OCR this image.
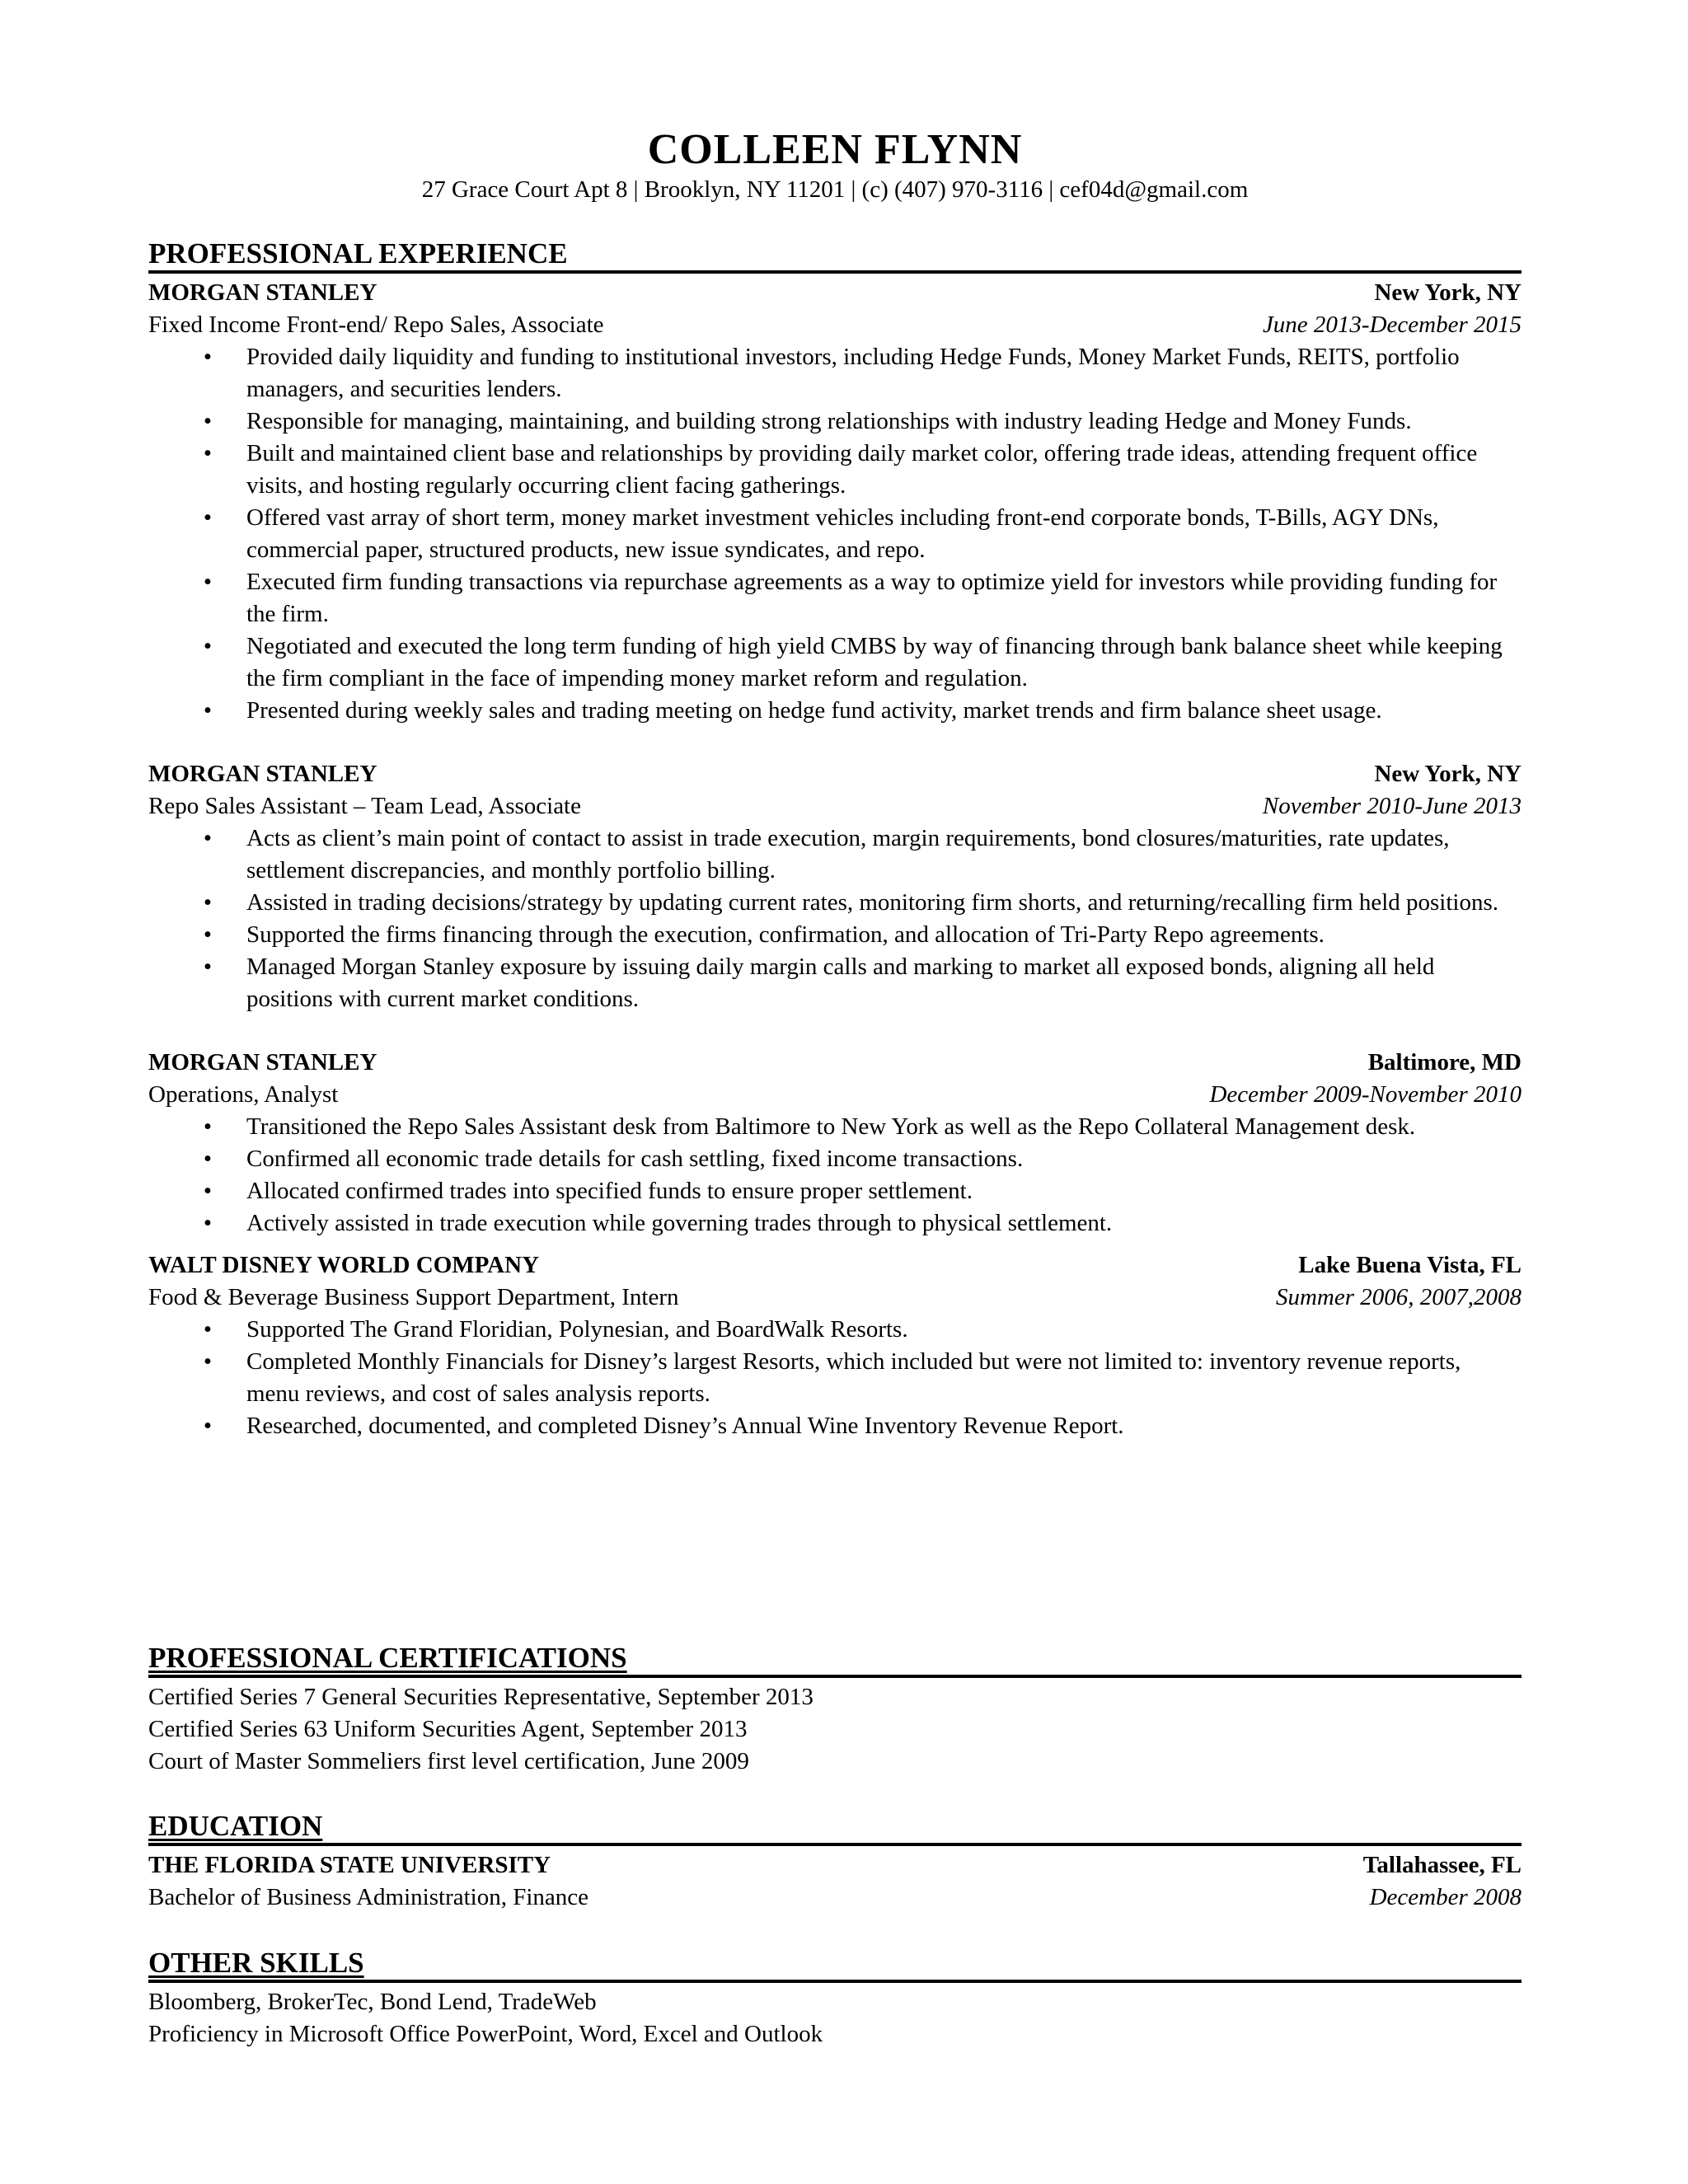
COLLEEN FLYNN
27 Grace Court Apt 8 | Brooklyn, NY 11201 | (c) (407) 970-3116 | cef04d@gmail.com
PROFESSIONAL EXPERIENCE
MORGAN STANLEY	New York, NY
Fixed Income Front-end/ Repo Sales, Associate	June 2013-December 2015
• Provided daily liquidity and funding to institutional investors, including Hedge Funds, Money Market Funds, REITS, portfolio managers, and securities lenders.
• Responsible for managing, maintaining, and building strong relationships with industry leading Hedge and Money Funds.
• Built and maintained client base and relationships by providing daily market color, offering trade ideas, attending frequent office visits, and hosting regularly occurring client facing gatherings.
• Offered vast array of short term, money market investment vehicles including front-end corporate bonds, T-Bills, AGY DNs, commercial paper, structured products, new issue syndicates, and repo.
• Executed firm funding transactions via repurchase agreements as a way to optimize yield for investors while providing funding for the firm.
• Negotiated and executed the long term funding of high yield CMBS by way of financing through bank balance sheet while keeping the firm compliant in the face of impending money market reform and regulation.
• Presented during weekly sales and trading meeting on hedge fund activity, market trends and firm balance sheet usage.
MORGAN STANLEY	New York, NY
Repo Sales Assistant – Team Lead, Associate	November 2010-June 2013
• Acts as client’s main point of contact to assist in trade execution, margin requirements, bond closures/maturities, rate updates, settlement discrepancies, and monthly portfolio billing.
• Assisted in trading decisions/strategy by updating current rates, monitoring firm shorts, and returning/recalling firm held positions.
• Supported the firms financing through the execution, confirmation, and allocation of Tri-Party Repo agreements.
• Managed Morgan Stanley exposure by issuing daily margin calls and marking to market all exposed bonds, aligning all held positions with current market conditions.
MORGAN STANLEY	Baltimore, MD
Operations, Analyst	December 2009-November 2010
• Transitioned the Repo Sales Assistant desk from Baltimore to New York as well as the Repo Collateral Management desk.
• Confirmed all economic trade details for cash settling, fixed income transactions.
• Allocated confirmed trades into specified funds to ensure proper settlement.
• Actively assisted in trade execution while governing trades through to physical settlement.
WALT DISNEY WORLD COMPANY	Lake Buena Vista, FL
Food & Beverage Business Support Department, Intern	Summer 2006, 2007,2008
• Supported The Grand Floridian, Polynesian, and BoardWalk Resorts.
• Completed Monthly Financials for Disney’s largest Resorts, which included but were not limited to: inventory revenue reports, menu reviews, and cost of sales analysis reports.
• Researched, documented, and completed Disney’s Annual Wine Inventory Revenue Report.
PROFESSIONAL CERTIFICATIONS
Certified Series 7 General Securities Representative, September 2013
Certified Series 63 Uniform Securities Agent, September 2013
Court of Master Sommeliers first level certification, June 2009
EDUCATION
THE FLORIDA STATE UNIVERSITY	Tallahassee, FL
Bachelor of Business Administration, Finance	December 2008
OTHER SKILLS
Bloomberg, BrokerTec, Bond Lend, TradeWeb
Proficiency in Microsoft Office PowerPoint, Word, Excel and Outlook
